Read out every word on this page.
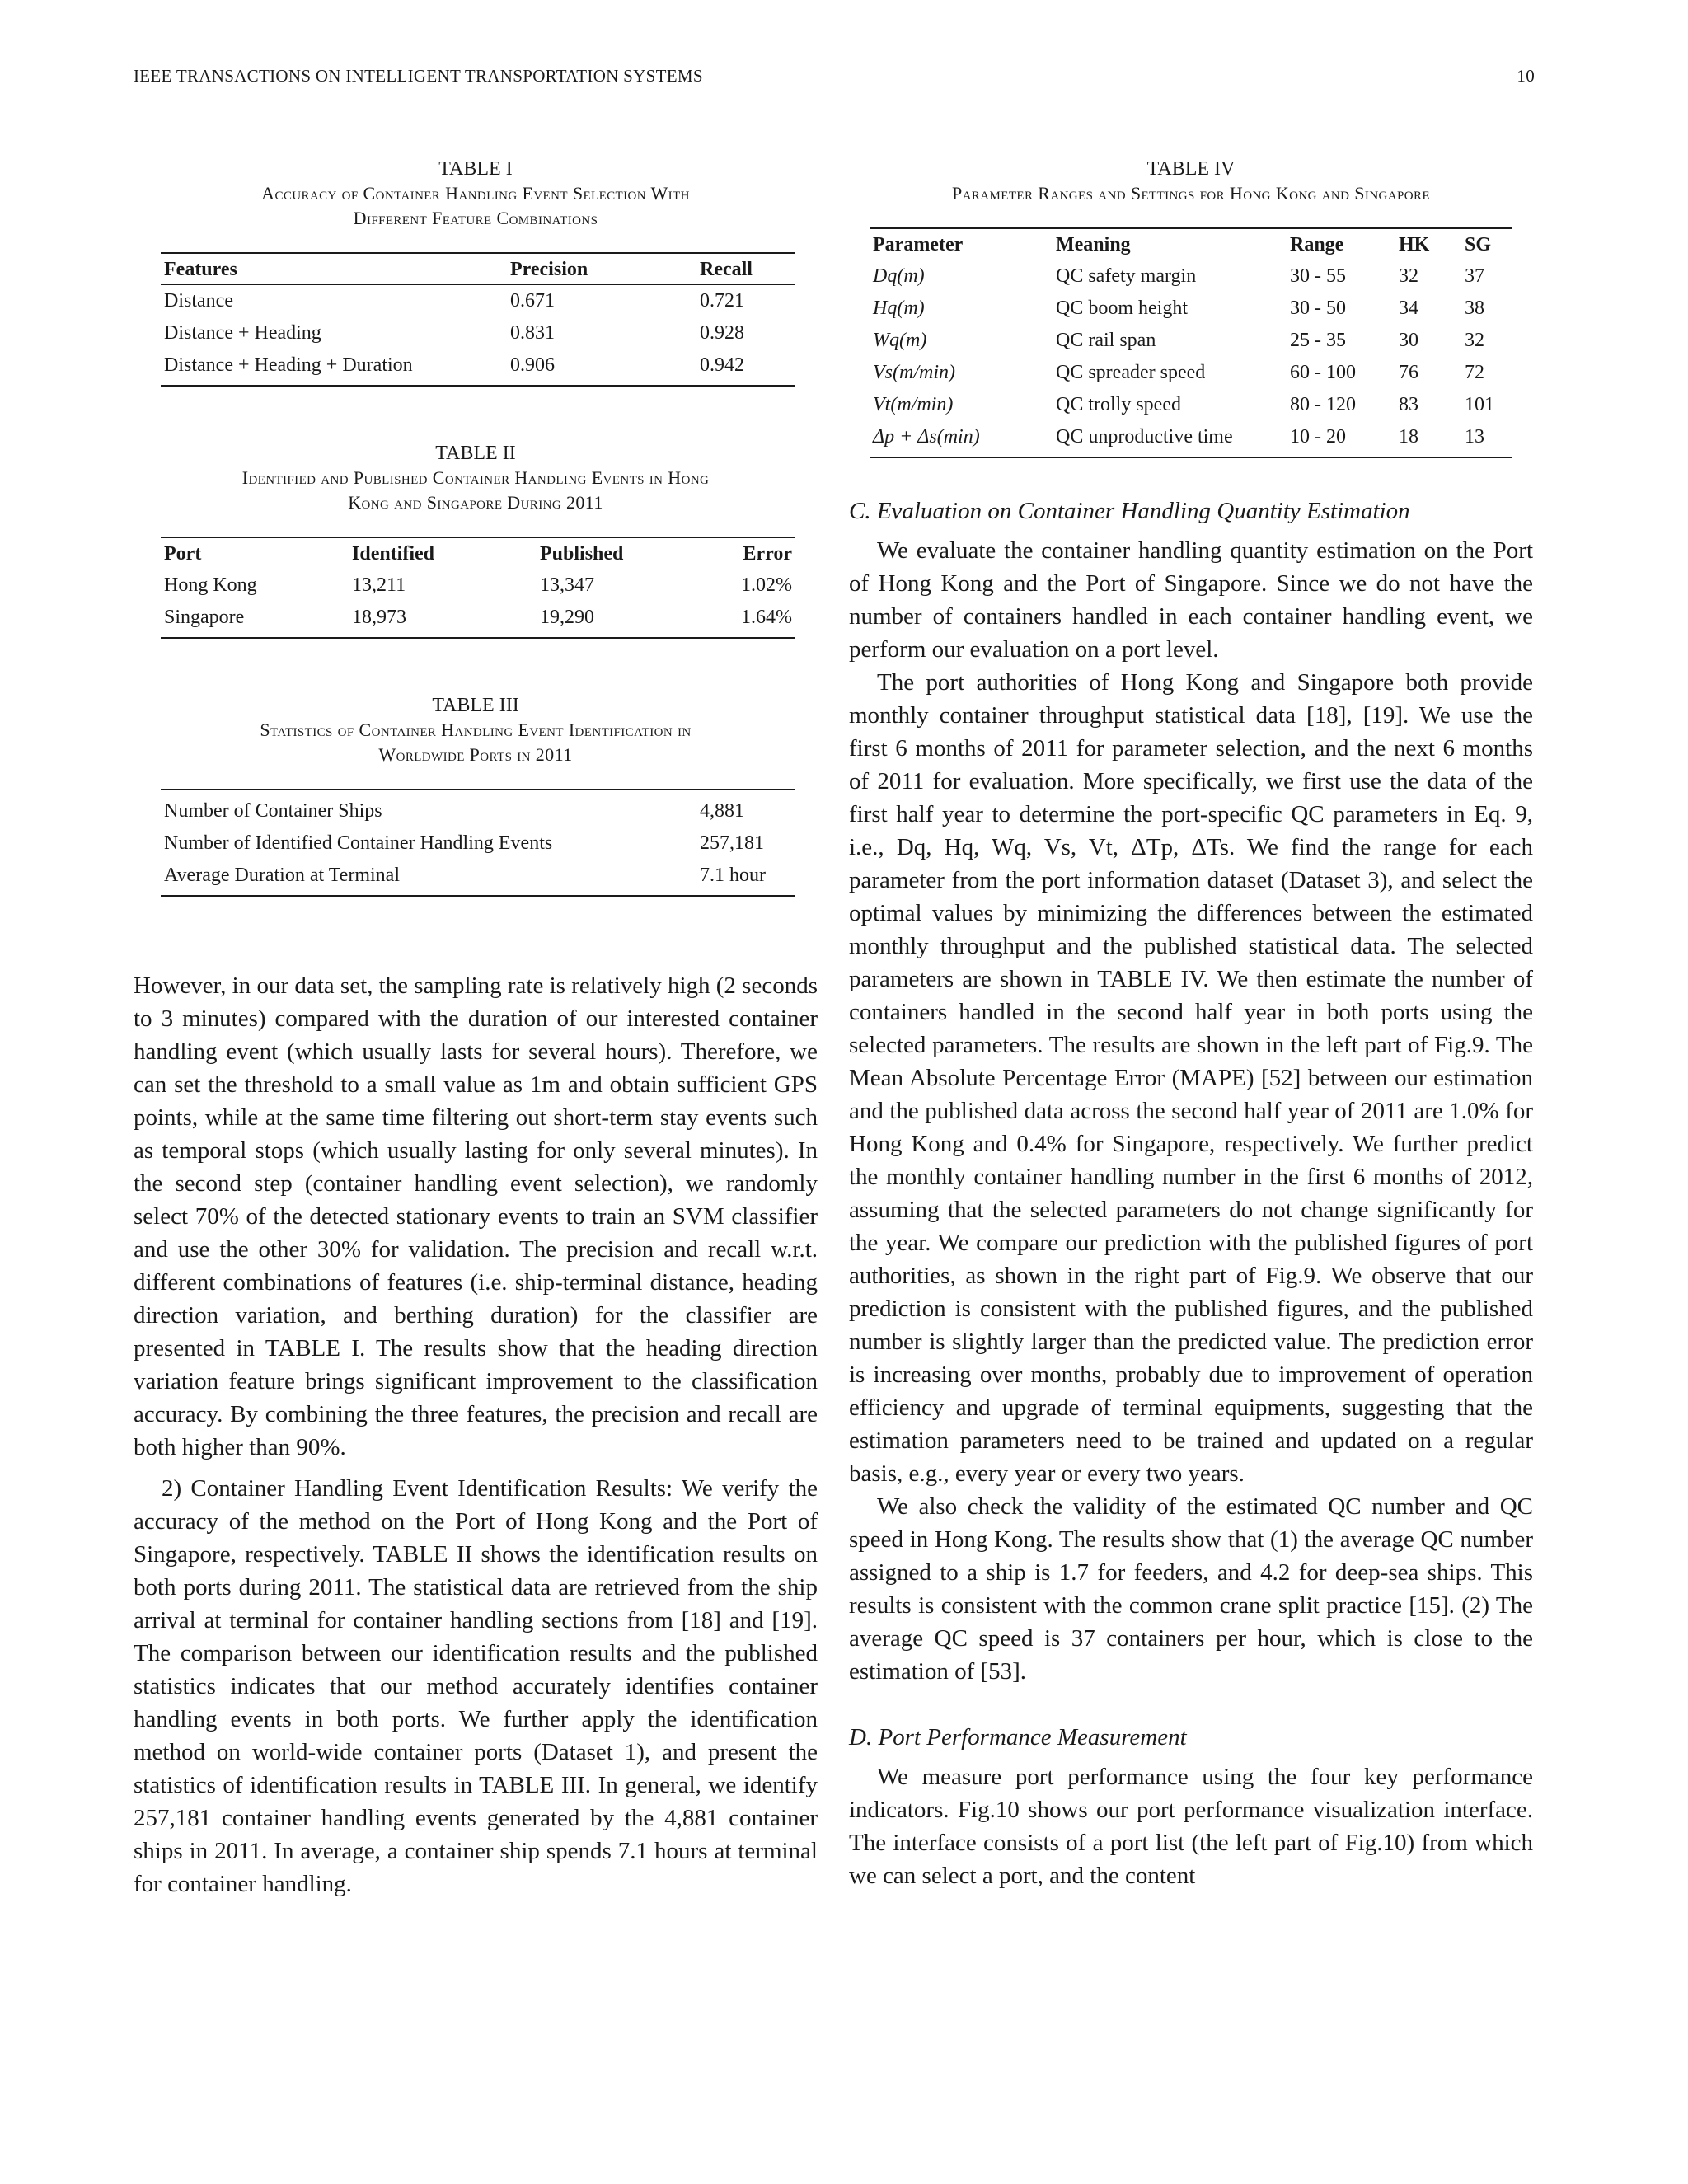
IEEE TRANSACTIONS ON INTELLIGENT TRANSPORTATION SYSTEMS	10
TABLE I
Accuracy of Container Handling Event Selection With
Different Feature Combinations
Features	Precision	Recall
Distance	0.671	0.721
Distance + Heading	0.831	0.928
Distance + Heading + Duration	0.906	0.942
TABLE II
Identified and Published Container Handling Events in Hong
Kong and Singapore During 2011
Port	Identified	Published	Error
Hong Kong	13,211	13,347	1.02%
Singapore	18,973	19,290	1.64%
TABLE III
Statistics of Container Handling Event Identification in
Worldwide Ports in 2011
Number of Container Ships	4,881
Number of Identified Container Handling Events	257,181
Average Duration at Terminal	7.1 hour

However, in our data set, the sampling rate is relatively high (2 seconds to 3 minutes) compared with the duration of our interested container handling event (which usually lasts for several hours). Therefore, we can set the threshold to a small value as 1m and obtain sufficient GPS points, while at the same time filtering out short-term stay events such as temporal stops (which usually lasting for only several minutes). In the second step (container handling event selection), we randomly select 70% of the detected stationary events to train an SVM classifier and use the other 30% for validation. The precision and recall w.r.t. different combinations of features (i.e. ship-terminal distance, heading direction variation, and berthing duration) for the classifier are presented in TABLE I. The results show that the heading direction variation feature brings significant improvement to the classification accuracy. By combining the three features, the precision and recall are both higher than 90%.

2) Container Handling Event Identification Results: We verify the accuracy of the method on the Port of Hong Kong and the Port of Singapore, respectively. TABLE II shows the identification results on both ports during 2011. The statistical data are retrieved from the ship arrival at terminal for container handling sections from [18] and [19]. The comparison between our identification results and the published statistics indicates that our method accurately identifies container handling events in both ports. We further apply the identification method on world-wide container ports (Dataset 1), and present the statistics of identification results in TABLE III. In general, we identify 257,181 container handling events generated by the 4,881 container ships in 2011. In average, a container ship spends 7.1 hours at terminal for container handling.

TABLE IV
Parameter Ranges and Settings for Hong Kong and Singapore
Parameter	Meaning	Range	HK	SG
Dq(m)	QC safety margin	30 - 55	32	37
Hq(m)	QC boom height	30 - 50	34	38
Wq(m)	QC rail span	25 - 35	30	32
Vs(m/min)	QC spreader speed	60 - 100	76	72
Vt(m/min)	QC trolly speed	80 - 120	83	101
Δp + Δs(min)	QC unproductive time	10 - 20	18	13
C. Evaluation on Container Handling Quantity Estimation

We evaluate the container handling quantity estimation on the Port of Hong Kong and the Port of Singapore. Since we do not have the number of containers handled in each container handling event, we perform our evaluation on a port level.

The port authorities of Hong Kong and Singapore both provide monthly container throughput statistical data [18], [19]. We use the first 6 months of 2011 for parameter selection, and the next 6 months of 2011 for evaluation. More specifically, we first use the data of the first half year to determine the port-specific QC parameters in Eq. 9, i.e., Dq, Hq, Wq, Vs, Vt, ΔTp, ΔTs. We find the range for each parameter from the port information dataset (Dataset 3), and select the optimal values by minimizing the differences between the estimated monthly throughput and the published statistical data. The selected parameters are shown in TABLE IV. We then estimate the number of containers handled in the second half year in both ports using the selected parameters. The results are shown in the left part of Fig.9. The Mean Absolute Percentage Error (MAPE) [52] between our estimation and the published data across the second half year of 2011 are 1.0% for Hong Kong and 0.4% for Singapore, respectively. We further predict the monthly container handling number in the first 6 months of 2012, assuming that the selected parameters do not change significantly for the year. We compare our prediction with the published figures of port authorities, as shown in the right part of Fig.9. We observe that our prediction is consistent with the published figures, and the published number is slightly larger than the predicted value. The prediction error is increasing over months, probably due to improvement of operation efficiency and upgrade of terminal equipments, suggesting that the estimation parameters need to be trained and updated on a regular basis, e.g., every year or every two years.

We also check the validity of the estimated QC number and QC speed in Hong Kong. The results show that (1) the average QC number assigned to a ship is 1.7 for feeders, and 4.2 for deep-sea ships. This results is consistent with the common crane split practice [15]. (2) The average QC speed is 37 containers per hour, which is close to the estimation of [53].

D. Port Performance Measurement

We measure port performance using the four key performance indicators. Fig.10 shows our port performance visualization interface. The interface consists of a port list (the left part of Fig.10) from which we can select a port, and the content
